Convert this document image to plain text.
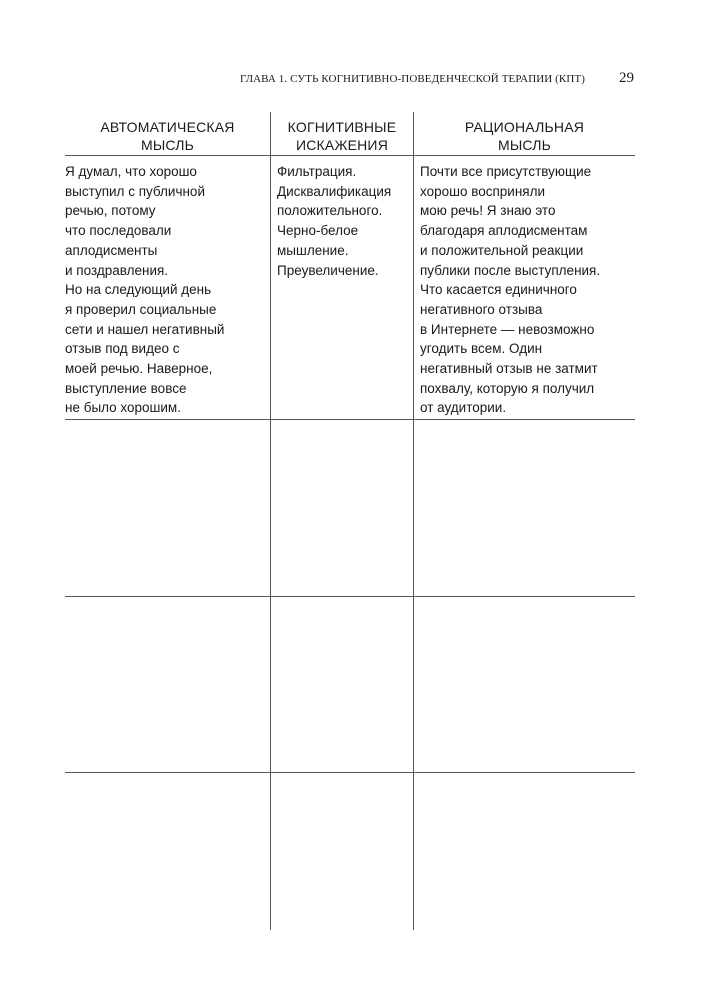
ГЛАВА 1. СУТЬ КОГНИТИВНО-ПОВЕДЕНЧЕСКОЙ ТЕРАПИИ (КПТ) 29
АВТОМАТИЧЕСКАЯ
МЫСЛЬ
КОГНИТИВНЫЕ
ИСКАЖЕНИЯ
РАЦИОНАЛЬНАЯ
МЫСЛЬ
Я думал, что хорошо
выступил с публичной
речью, потому
что последовали
аплодисменты
и поздравления.
Но на следующий день
я проверил социальные
сети и нашел негативный
отзыв под видео с
моей речью. Наверное,
выступление вовсе
не было хорошим.
Фильтрация.
Дисквалификация
положительного.
Черно-белое
мышление.
Преувеличение.
Почти все присутствующие
хорошо восприняли
мою речь! Я знаю это
благодаря аплодисментам
и положительной реакции
публики после выступления.
Что касается единичного
негативного отзыва
в Интернете — невозможно
угодить всем. Один
негативный отзыв не затмит
похвалу, которую я получил
от аудитории.
